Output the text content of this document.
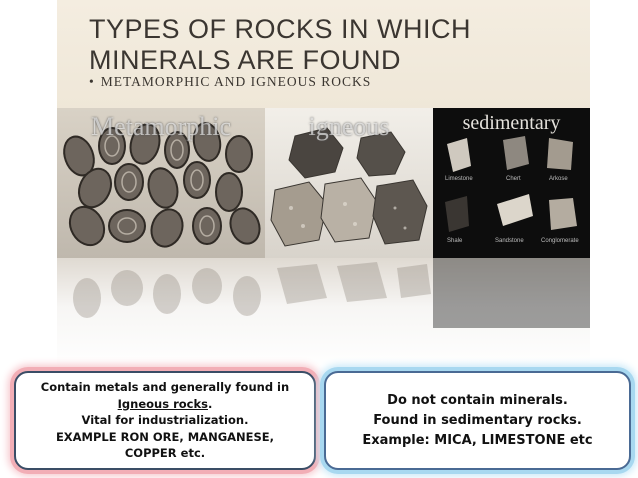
TYPES OF ROCKS IN WHICH
MINERALS ARE FOUND
• METAMORPHIC AND IGNEOUS ROCKS
Metamorphic	igneous	sedimentary
Limestone	Chert	Arkose
Shale	Sandstone	Conglomerate
Contain metals and generally found in
Igneous rocks.
Vital for industrialization.
EXAMPLE RON ORE, MANGANESE,
COPPER etc.
Do not contain minerals.
Found in sedimentary rocks.
Example: MICA, LIMESTONE etc
